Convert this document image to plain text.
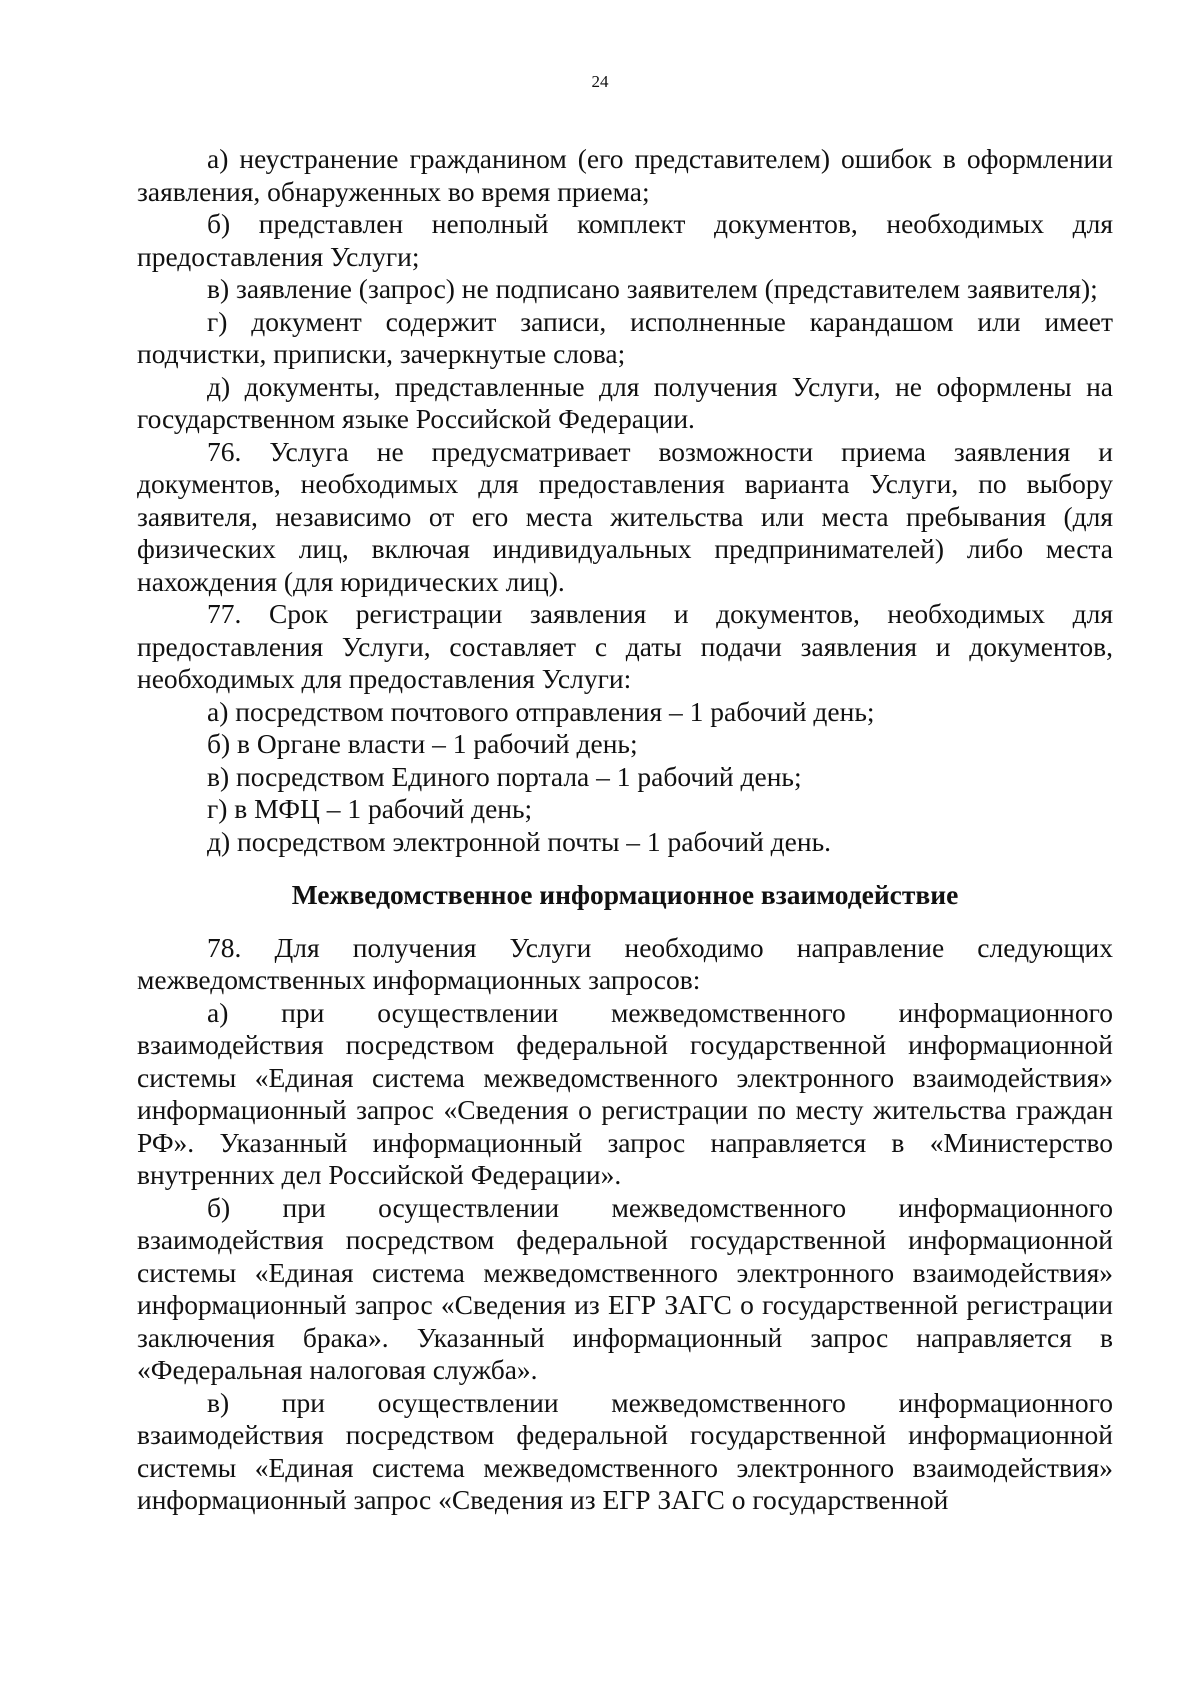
24

а) неустранение гражданином (его представителем) ошибок в оформлении заявления, обнаруженных во время приема;

б) представлен неполный комплект документов, необходимых для предоставления Услуги;

в) заявление (запрос) не подписано заявителем (представителем заявителя);

г) документ содержит записи, исполненные карандашом или имеет подчистки, приписки, зачеркнутые слова;

д) документы, представленные для получения Услуги, не оформлены на государственном языке Российской Федерации.

76. Услуга не предусматривает возможности приема заявления и документов, необходимых для предоставления варианта Услуги, по выбору заявителя, независимо от его места жительства или места пребывания (для физических лиц, включая индивидуальных предпринимателей) либо места нахождения (для юридических лиц).

77. Срок регистрации заявления и документов, необходимых для предоставления Услуги, составляет с даты подачи заявления и документов, необходимых для предоставления Услуги:

а) посредством почтового отправления – 1 рабочий день;

б) в Органе власти – 1 рабочий день;

в) посредством Единого портала – 1 рабочий день;

г) в МФЦ – 1 рабочий день;

д) посредством электронной почты – 1 рабочий день.

Межведомственное информационное взаимодействие

78. Для получения Услуги необходимо направление следующих межведомственных информационных запросов:

а) при осуществлении межведомственного информационного взаимодействия посредством федеральной государственной информационной системы «Единая система межведомственного электронного взаимодействия» информационный запрос «Сведения о регистрации по месту жительства граждан РФ». Указанный информационный запрос направляется в «Министерство внутренних дел Российской Федерации».

б) при осуществлении межведомственного информационного взаимодействия посредством федеральной государственной информационной системы «Единая система межведомственного электронного взаимодействия» информационный запрос «Сведения из ЕГР ЗАГС о государственной регистрации заключения брака». Указанный информационный запрос направляется в «Федеральная налоговая служба».

в) при осуществлении межведомственного информационного взаимодействия посредством федеральной государственной информационной системы «Единая система межведомственного электронного взаимодействия» информационный запрос «Сведения из ЕГР ЗАГС о государственной
